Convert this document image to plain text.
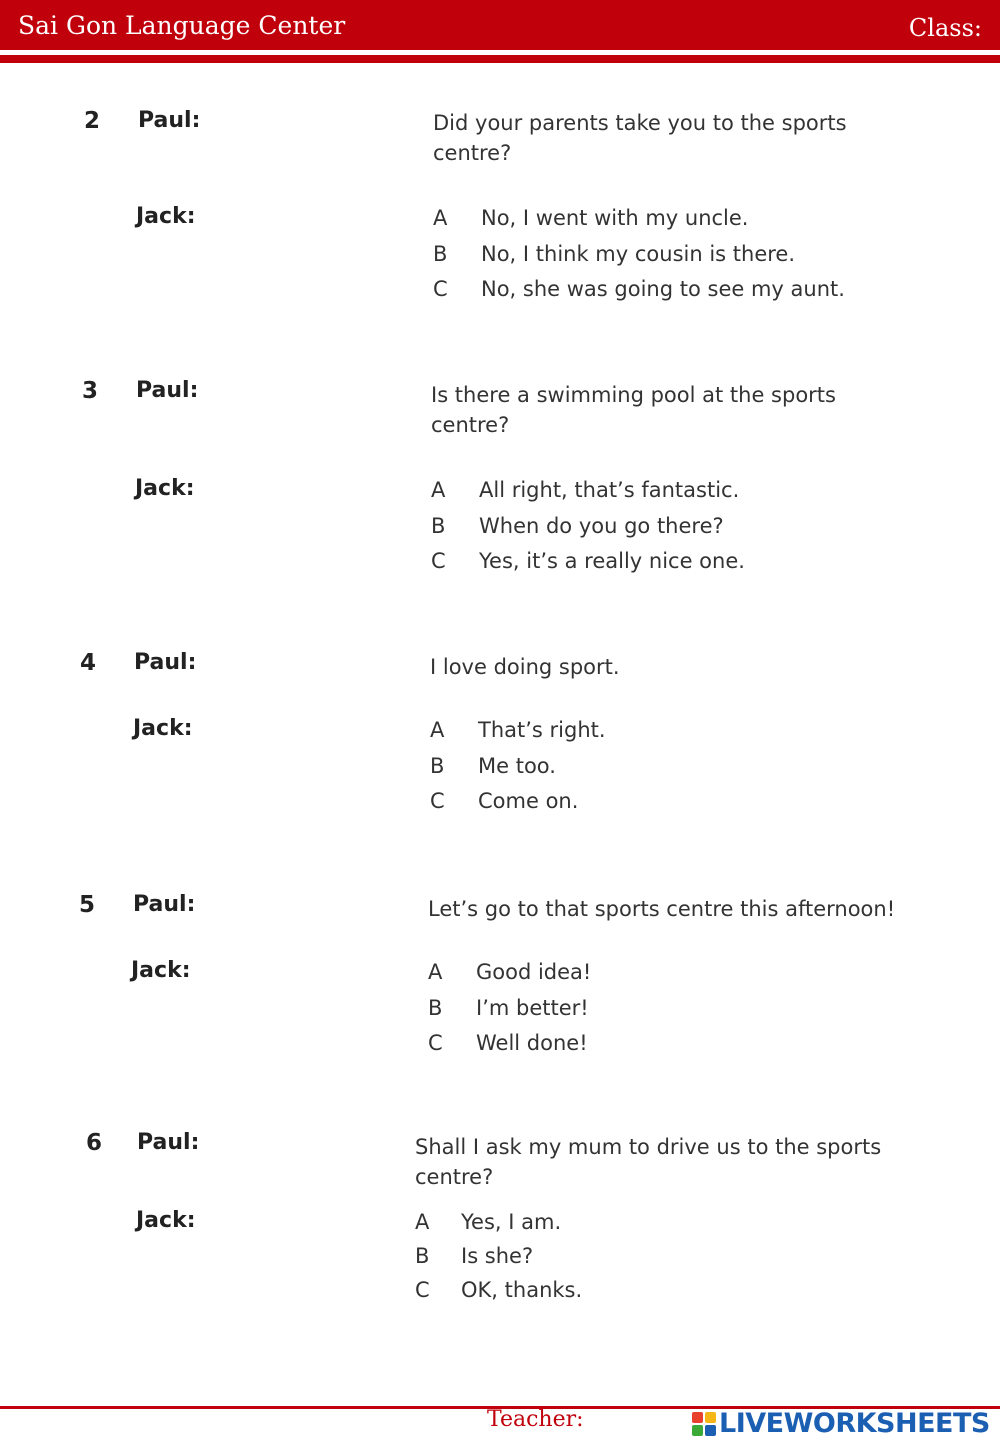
Sai Gon Language Center	Class:
2 Paul:	Did your parents take you to the sports centre?
Jack:	A No, I went with my uncle.
B No, I think my cousin is there.
C No, she was going to see my aunt.
3 Paul:	Is there a swimming pool at the sports centre?
Jack:	A All right, that’s fantastic.
B When do you go there?
C Yes, it’s a really nice one.
4 Paul:	I love doing sport.
Jack:	A That’s right.
B Me too.
C Come on.
5 Paul:	Let’s go to that sports centre this afternoon!
Jack:	A Good idea!
B I’m better!
C Well done!
6 Paul:	Shall I ask my mum to drive us to the sports centre?
Jack:	A Yes, I am.
B Is she?
C OK, thanks.
Teacher:	LIVEWORKSHEETS
